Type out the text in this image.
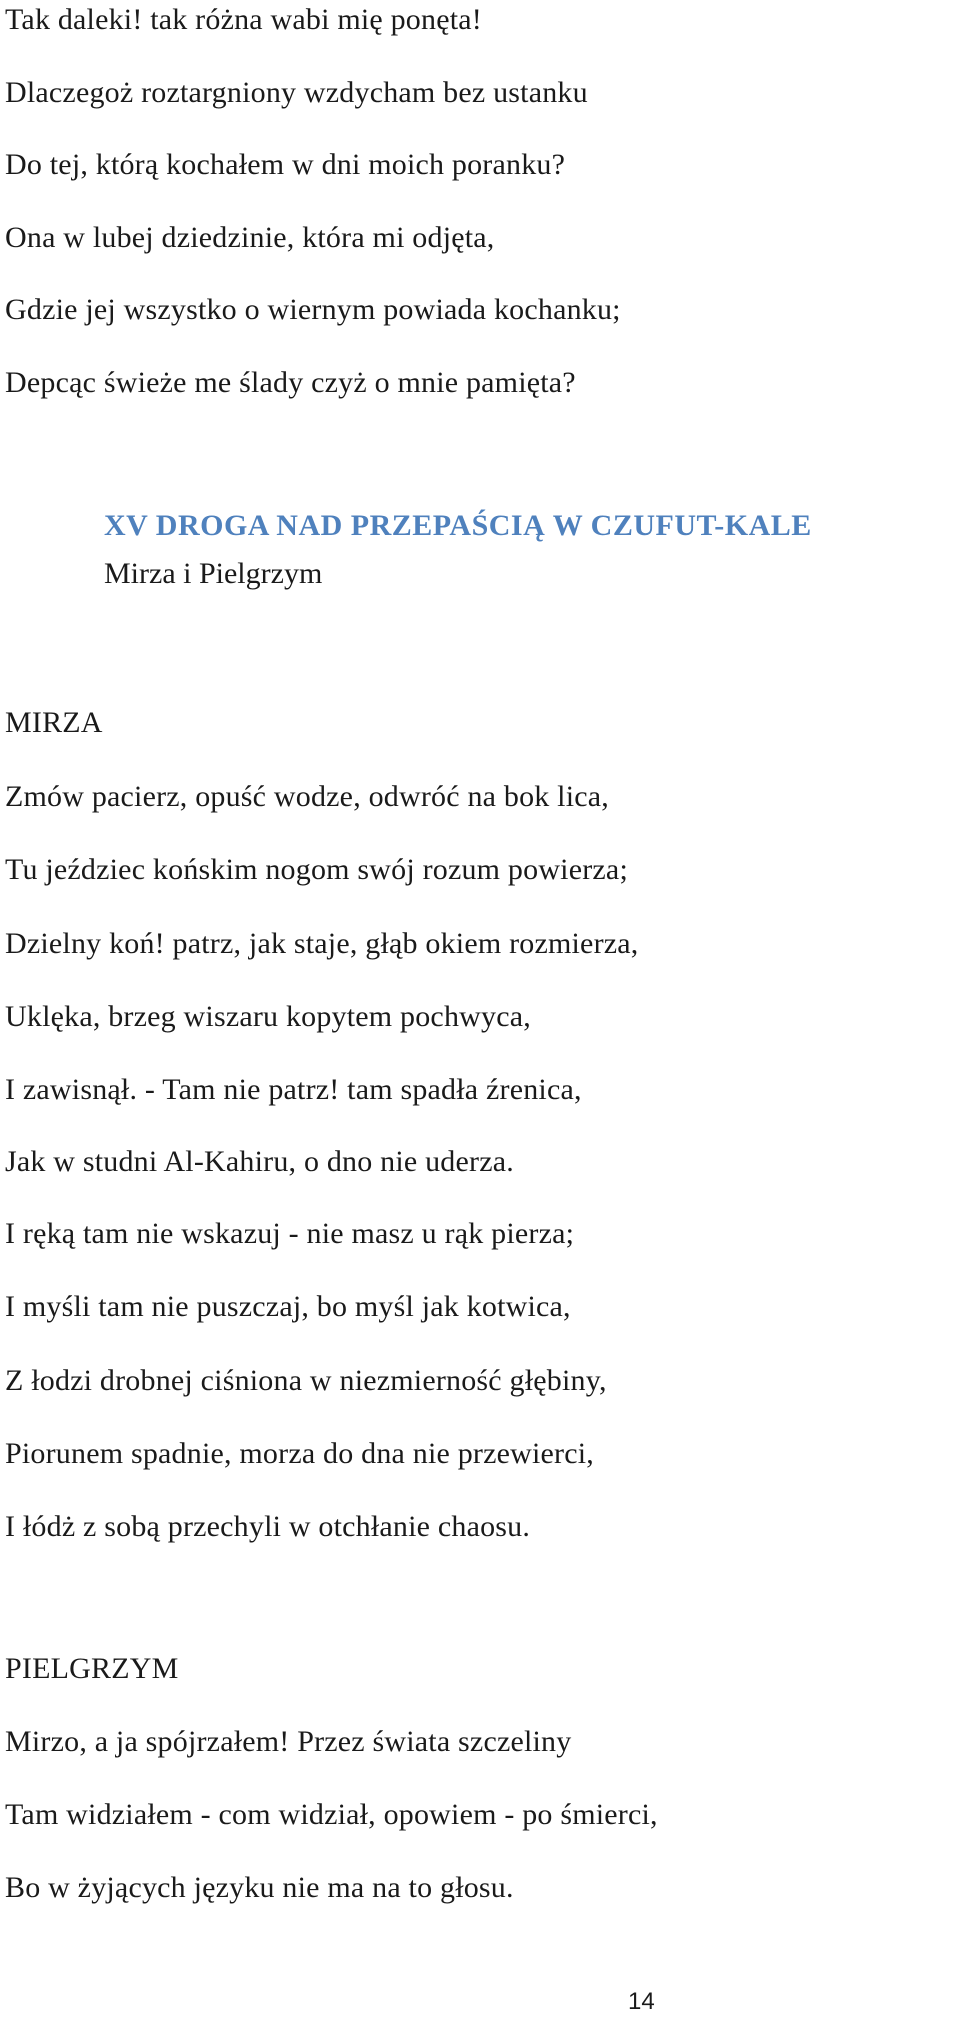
Tak daleki! tak różna wabi mię ponęta!
Dlaczegoż roztargniony wzdycham bez ustanku
Do tej, którą kochałem w dni moich poranku?
Ona w lubej dziedzinie, która mi odjęta,
Gdzie jej wszystko o wiernym powiada kochanku;
Depcąc świeże me ślady czyż o mnie pamięta?
XV DROGA NAD PRZEPAŚCIĄ W CZUFUT-KALE
Mirza i Pielgrzym
MIRZA
Zmów pacierz, opuść wodze, odwróć na bok lica,
Tu jeździec końskim nogom swój rozum powierza;
Dzielny koń! patrz, jak staje, głąb okiem rozmierza,
Uklęka, brzeg wiszaru kopytem pochwyca,
I zawisnął. - Tam nie patrz! tam spadła źrenica,
Jak w studni Al-Kahiru, o dno nie uderza.
I ręką tam nie wskazuj - nie masz u rąk pierza;
I myśli tam nie puszczaj, bo myśl jak kotwica,
Z łodzi drobnej ciśniona w niezmierność głębiny,
Piorunem spadnie, morza do dna nie przewierci,
I łódż z sobą przechyli w otchłanie chaosu.
PIELGRZYM
Mirzo, a ja spójrzałem! Przez świata szczeliny
Tam widziałem - com widział, opowiem - po śmierci,
Bo w żyjących języku nie ma na to głosu.
14
